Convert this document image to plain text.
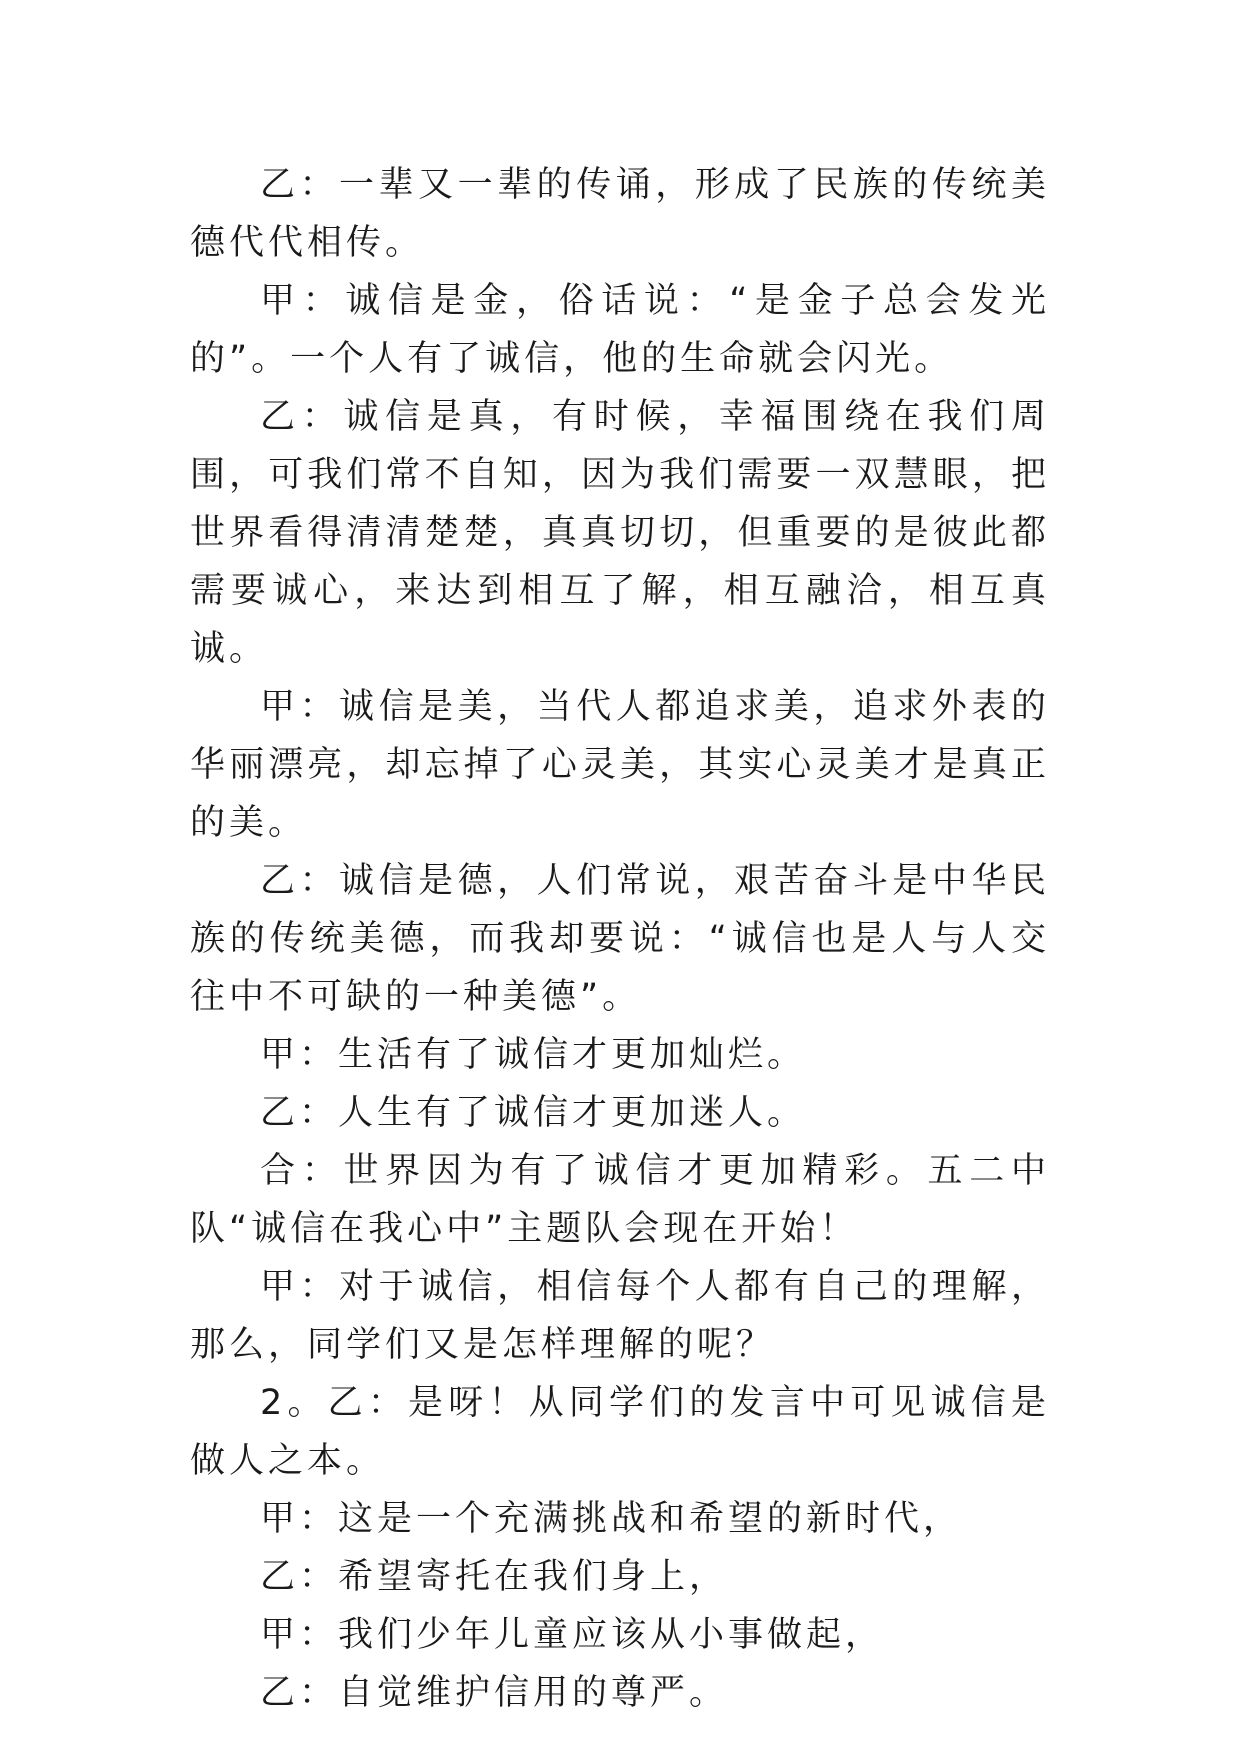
乙：一辈又一辈的传诵，形成了民族的传统美德代代相传。

甲：诚信是金，俗话说：“是金子总会发光的”。一个人有了诚信，他的生命就会闪光。

乙：诚信是真，有时候，幸福围绕在我们周围，可我们常不自知，因为我们需要一双慧眼，把世界看得清清楚楚，真真切切，但重要的是彼此都需要诚心，来达到相互了解，相互融洽，相互真诚。

甲：诚信是美，当代人都追求美，追求外表的华丽漂亮，却忘掉了心灵美，其实心灵美才是真正的美。

乙：诚信是德，人们常说，艰苦奋斗是中华民族的传统美德，而我却要说：“诚信也是人与人交往中不可缺的一种美德”。

甲：生活有了诚信才更加灿烂。

乙：人生有了诚信才更加迷人。

合：世界因为有了诚信才更加精彩。五二中队“诚信在我心中”主题队会现在开始！

甲：对于诚信，相信每个人都有自己的理解，那么，同学们又是怎样理解的呢？

2。乙：是呀！从同学们的发言中可见诚信是做人之本。

甲：这是一个充满挑战和希望的新时代，

乙：希望寄托在我们身上，

甲：我们少年儿童应该从小事做起，

乙：自觉维护信用的尊严。
